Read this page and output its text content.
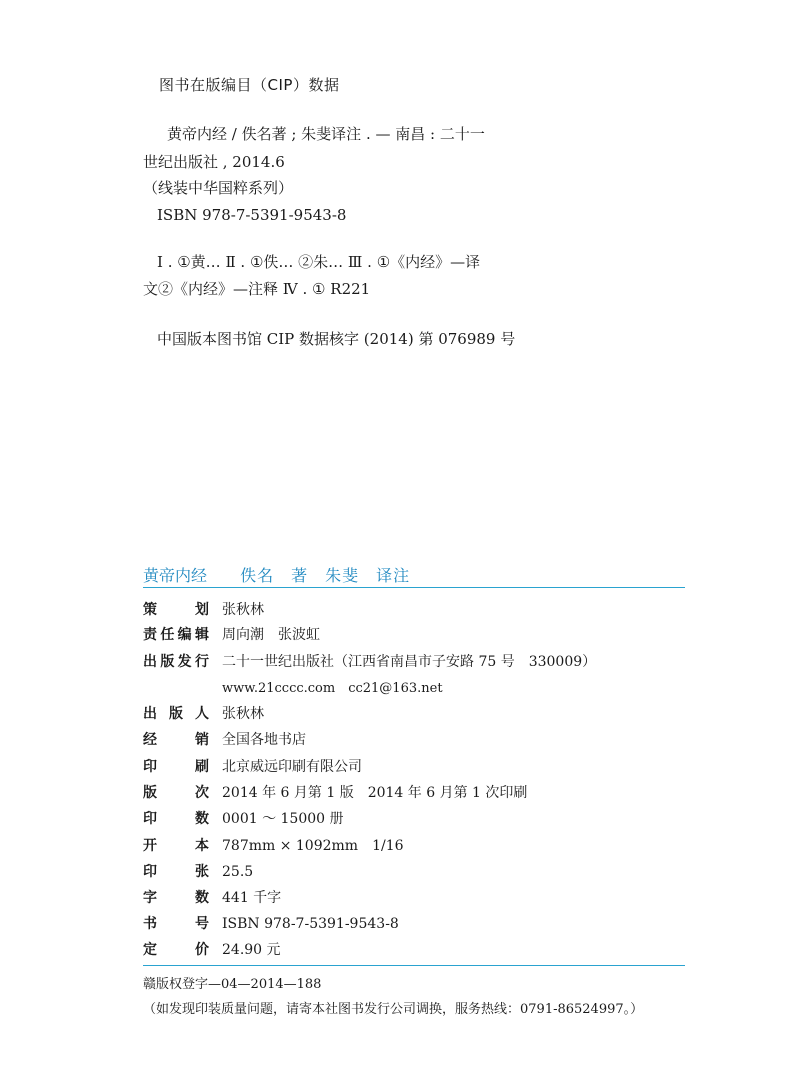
图书在版编目（CIP）数据
黄帝内经 / 佚名著 ; 朱斐译注 . — 南昌 : 二十一
世纪出版社 , 2014.6
（线装中华国粹系列）
ISBN 978-7-5391-9543-8
Ⅰ . ①黄… Ⅱ . ①佚… ②朱… Ⅲ . ①《内经》—译
文②《内经》—注释 Ⅳ . ① R221
中国版本图书馆 CIP 数据核字 (2014) 第 076989 号
黄帝内经 佚名　著　朱斐　译注
策　　划 张秋林
责任编辑 周向潮　张波虹
出版发行 二十一世纪出版社（江西省南昌市子安路 75 号　330009）
www.21cccc.com　cc21@163.net
出 版 人 张秋林
经　　销 全国各地书店
印　　刷 北京威远印刷有限公司
版　　次 2014 年 6 月第 1 版　2014 年 6 月第 1 次印刷
印　　数 0001 ～ 15000 册
开　　本 787mm × 1092mm　1/16
印　　张 25.5
字　　数 441 千字
书　　号 ISBN 978-7-5391-9543-8
定　　价 24.90 元
赣版权登字—04—2014—188
（如发现印装质量问题，请寄本社图书发行公司调换，服务热线：0791-86524997。）
